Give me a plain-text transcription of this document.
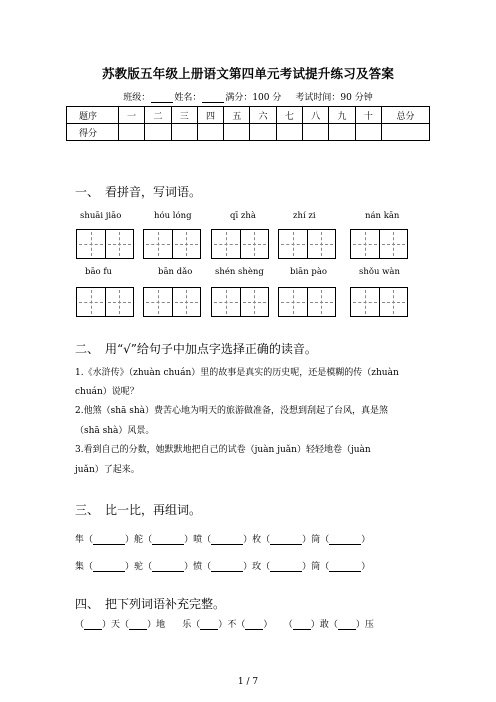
苏教版五年级上册语文第四单元考试提升练习及答案
班级：	姓名：	满分：100 分 考试时间：90 分钟
题序	一	二	三	四	五	六	七	八	九	十	总分
得分											
一、 看拼音，写词语。
shuāi jiāo	hóu lóng	qī zhà	zhí zi	nán kān
bāo fu	bān dǎo	shén shèng	biān pào	shǒu wàn
二、 用“√”给句子中加点字选择正确的读音。
1.《水浒传》（zhuàn chuán）里的故事是真实的历史呢，还是模糊的传（zhuàn
chuán）说呢？
2.他煞（shā shà）费苦心地为明天的旅游做准备，没想到刮起了台风，真是煞
（shā shà）风景。
3.看到自己的分数，她默默地把自己的试卷（juàn juǎn）轻轻地卷（juàn
juǎn）了起来。
三、 比一比，再组词。
隼（	）舵（	）喷（	）枚（	）筒（	）
集（	）驼（	）愤（	）玫（	）筒（	）
四、 把下列词语补充完整。
（ ）天（ ）地 乐（ ）不（ ）    （ ）敢（ ）压
1 / 7
